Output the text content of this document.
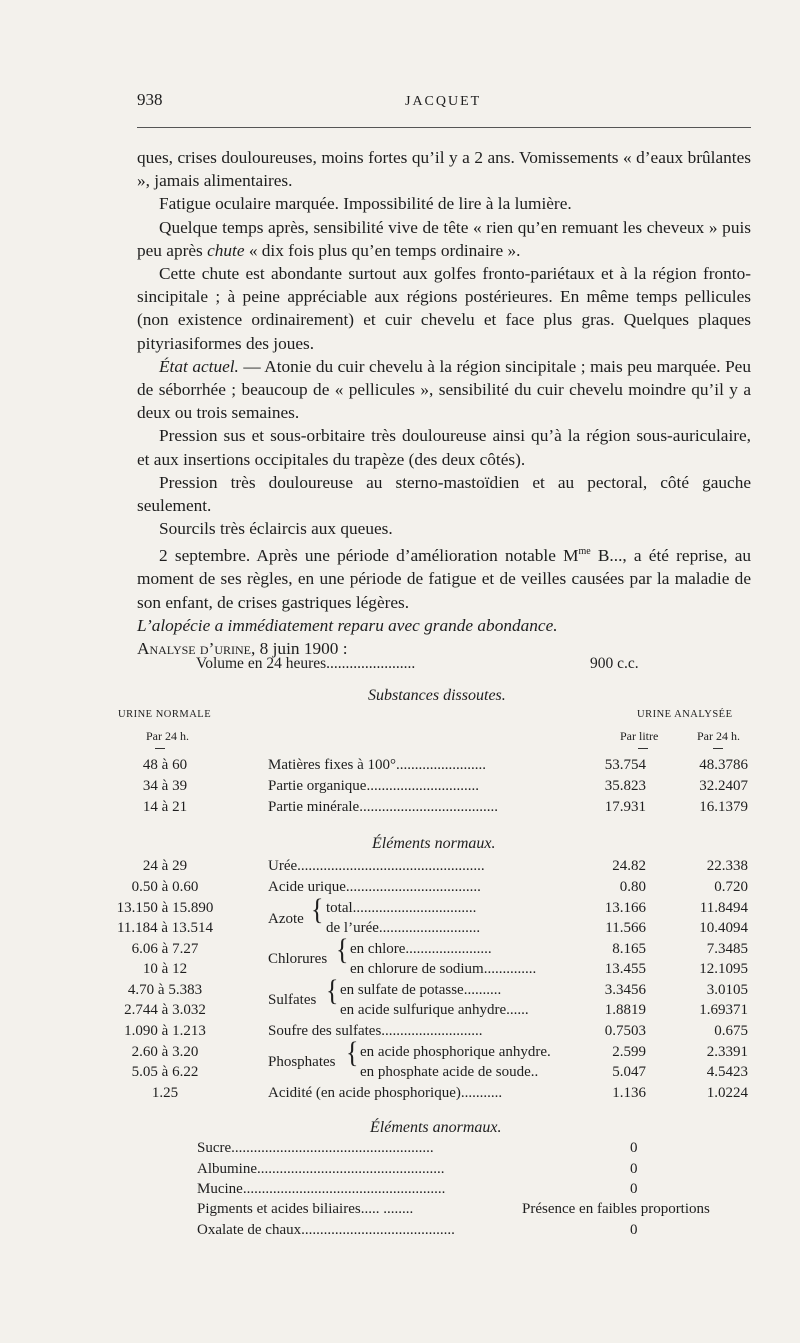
938	JACQUET

ques, crises douloureuses, moins fortes qu’il y a 2 ans. Vomissements « d’eaux brûlantes », jamais alimentaires.

Fatigue oculaire marquée. Impossibilité de lire à la lumière.

Quelque temps après, sensibilité vive de tête « rien qu’en remuant les cheveux » puis peu après chute « dix fois plus qu’en temps ordinaire ».

Cette chute est abondante surtout aux golfes fronto-pariétaux et à la région fronto-sincipitale ; à peine appréciable aux régions postérieures. En même temps pellicules (non existence ordinairement) et cuir chevelu et face plus gras. Quelques plaques pityriasiformes des joues.

État actuel. — Atonie du cuir chevelu à la région sincipitale ; mais peu marquée. Peu de séborrhée ; beaucoup de « pellicules », sensibilité du cuir chevelu moindre qu’il y a deux ou trois semaines.

Pression sus et sous-orbitaire très douloureuse ainsi qu’à la région sous-auriculaire, et aux insertions occipitales du trapèze (des deux côtés).

Pression très douloureuse au sterno-mastoïdien et au pectoral, côté gauche seulement.

Sourcils très éclaircis aux queues.

2 septembre. Après une période d’amélioration notable $M^{me}$ B..., a été reprise, au moment de ses règles, en une période de fatigue et de veilles causées par la maladie de son enfant, de crises gastriques légères.

L’alopécie a immédiatement reparu avec grande abondance.

Analyse d’urine, 8 juin 1900 :

Volume en 24 heures.......................	900 c.c.
Substances dissoutes.
URINE NORMALE	URINE ANALYSÉE
Par 24 h.	Par litre	Par 24 h.
48 à 60	Matières fixes à 100°........................	53.754	48.3786
34 à 39	Partie organique..............................	35.823	32.2407
14 à 21	Partie minérale.....................................	17.931	16.1379
Éléments normaux.
24 à 29	Urée..................................................	24.82	22.338
0.50 à 0.60	Acide urique....................................	0.80	0.720
Azote {
13.150 à 15.890	total.................................	13.166	11.8494
11.184 à 13.514	de l’urée...........................	11.566	10.4094
Chlorures {
6.06 à 7.27	en chlore.......................	8.165	7.3485
10 à 12	en chlorure de sodium..............	13.455	12.1095
Sulfates {
4.70 à 5.383	en sulfate de potasse..........	3.3456	3.0105
2.744 à 3.032	en acide sulfurique anhydre......	1.8819	1.69371
1.090 à 1.213	Soufre des sulfates...........................	0.7503	0.675
Phosphates {
2.60 à 3.20	en acide phosphorique anhydre.	2.599	2.3391
5.05 à 6.22	en phosphate acide de soude..	5.047	4.5423
1.25	Acidité (en acide phosphorique)...........	1.136	1.0224
Éléments anormaux.
Sucre......................................................	0
Albumine..................................................	0
Mucine......................................................	0
Pigments et acides biliaires..... ........	Présence en faibles proportions
Oxalate de chaux.........................................	0
